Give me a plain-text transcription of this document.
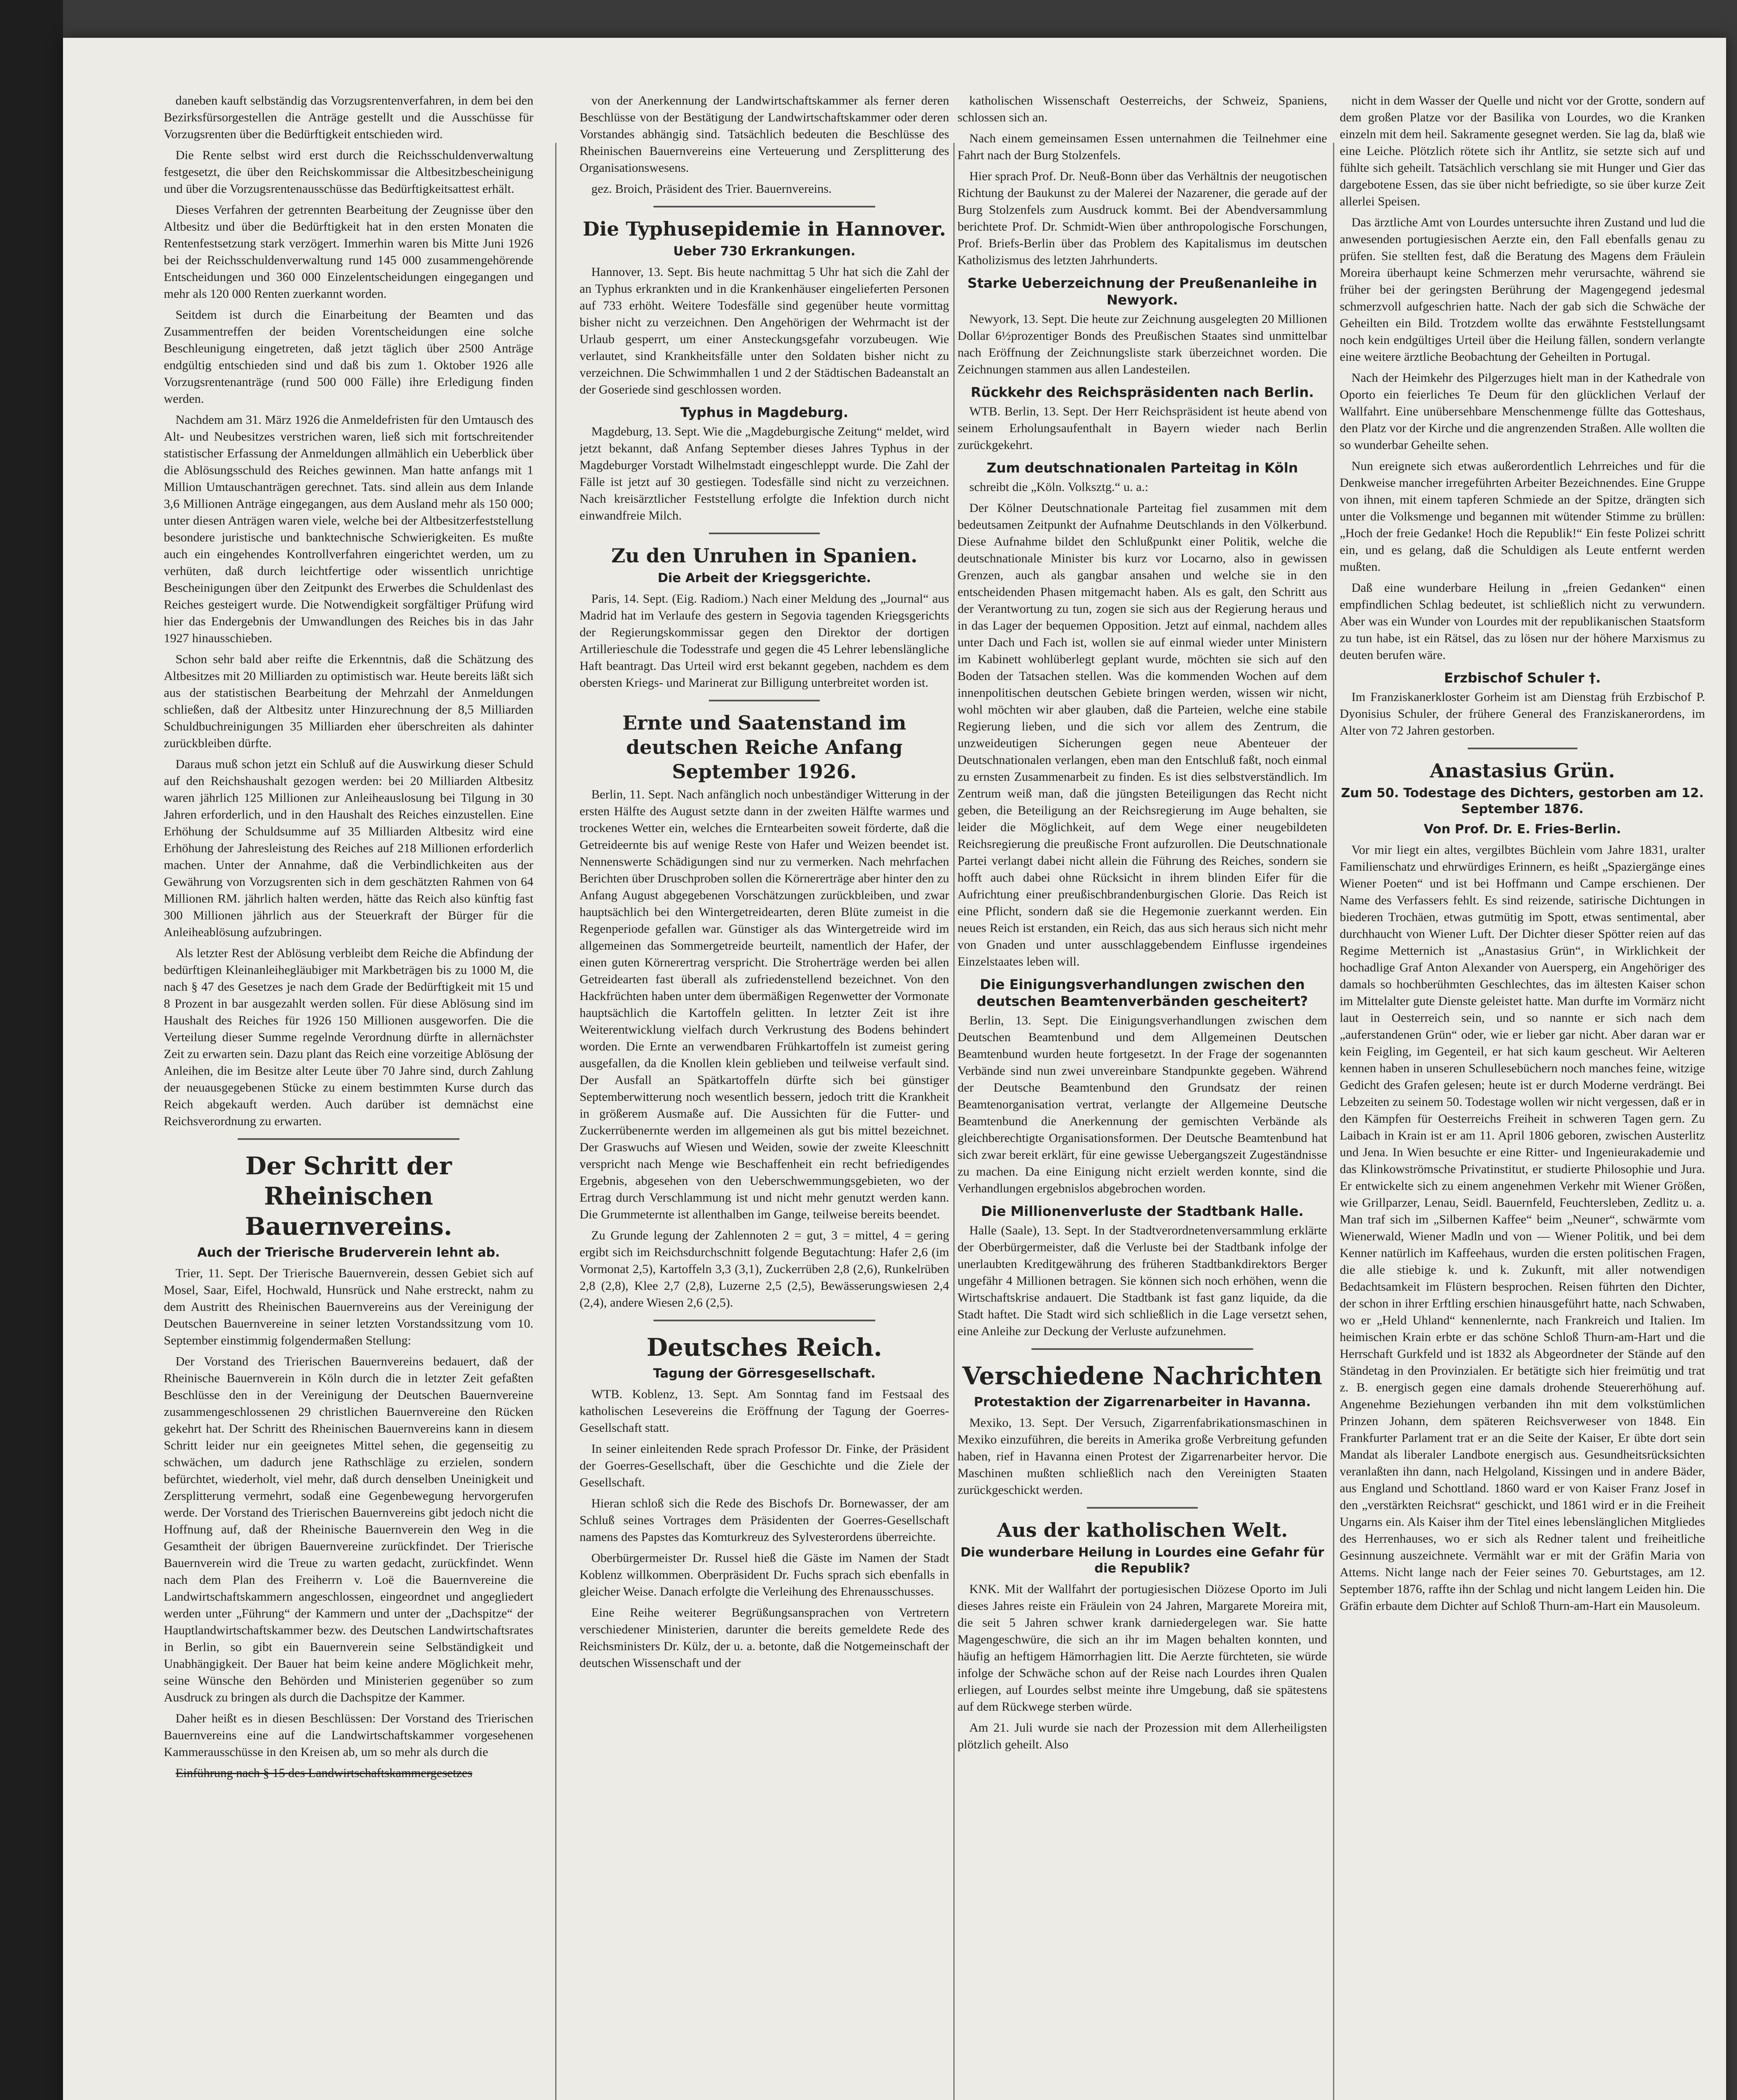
daneben kauft selbständig das Vorzugsrentenverfahren, in dem bei den Bezirksfürsorgestellen die Anträge gestellt und die Ausschüsse für Vorzugsrenten über die Bedürftigkeit entschieden wird.

Die Rente selbst wird erst durch die Reichsschuldenverwaltung festgesetzt, die über den Reichskommissar die Altbesitzbescheinigung und über die Vorzugsrentenausschüsse das Bedürftigkeitsattest erhält.

Dieses Verfahren der getrennten Bearbeitung der Zeugnisse über den Altbesitz und über die Bedürftigkeit hat in den ersten Monaten die Rentenfestsetzung stark verzögert. Immerhin waren bis Mitte Juni 1926 bei der Reichsschuldenverwaltung rund 145 000 zusammengehörende Entscheidungen und 360 000 Einzelentscheidungen eingegangen und mehr als 120 000 Renten zuerkannt worden.

Seitdem ist durch die Einarbeitung der Beamten und das Zusammentreffen der beiden Vorentscheidungen eine solche Beschleunigung eingetreten, daß jetzt täglich über 2500 Anträge endgültig entschieden sind und daß bis zum 1. Oktober 1926 alle Vorzugsrentenanträge (rund 500 000 Fälle) ihre Erledigung finden werden.

Nachdem am 31. März 1926 die Anmeldefristen für den Umtausch des Alt- und Neubesitzes verstrichen waren, ließ sich mit fortschreitender statistischer Erfassung der Anmeldungen allmählich ein Ueberblick über die Ablösungsschuld des Reiches gewinnen. Man hatte anfangs mit 1 Million Umtauschanträgen gerechnet. Tats. sind allein aus dem Inlande 3,6 Millionen Anträge eingegangen, aus dem Ausland mehr als 150 000; unter diesen Anträgen waren viele, welche bei der Altbesitzerfeststellung besondere juristische und banktechnische Schwierigkeiten. Es mußte auch ein eingehendes Kontrollverfahren eingerichtet werden, um zu verhüten, daß durch leichtfertige oder wissentlich unrichtige Bescheinigungen über den Zeitpunkt des Erwerbes die Schuldenlast des Reiches gesteigert wurde. Die Notwendigkeit sorgfältiger Prüfung wird hier das Endergebnis der Umwandlungen des Reiches bis in das Jahr 1927 hinausschieben.

Schon sehr bald aber reifte die Erkenntnis, daß die Schätzung des Altbesitzes mit 20 Milliarden zu optimistisch war. Heute bereits läßt sich aus der statistischen Bearbeitung der Mehrzahl der Anmeldungen schließen, daß der Altbesitz unter Hinzurechnung der 8,5 Milliarden Schuldbuchreinigungen 35 Milliarden eher überschreiten als dahinter zurückbleiben dürfte.

Daraus muß schon jetzt ein Schluß auf die Auswirkung dieser Schuld auf den Reichshaushalt gezogen werden: bei 20 Milliarden Altbesitz waren jährlich 125 Millionen zur Anleiheauslosung bei Tilgung in 30 Jahren erforderlich, und in den Haushalt des Reiches einzustellen. Eine Erhöhung der Schuldsumme auf 35 Milliarden Altbesitz wird eine Erhöhung der Jahresleistung des Reiches auf 218 Millionen erforderlich machen. Unter der Annahme, daß die Verbindlichkeiten aus der Gewährung von Vorzugsrenten sich in dem geschätzten Rahmen von 64 Millionen RM. jährlich halten werden, hätte das Reich also künftig fast 300 Millionen jährlich aus der Steuerkraft der Bürger für die Anleiheablösung aufzubringen.

Als letzter Rest der Ablösung verbleibt dem Reiche die Abfindung der bedürftigen Kleinanleihegläubiger mit Markbeträgen bis zu 1000 M, die nach § 47 des Gesetzes je nach dem Grade der Bedürftigkeit mit 15 und 8 Prozent in bar ausgezahlt werden sollen. Für diese Ablösung sind im Haushalt des Reiches für 1926 150 Millionen ausgeworfen. Die die Verteilung dieser Summe regelnde Verordnung dürfte in allernächster Zeit zu erwarten sein. Dazu plant das Reich eine vorzeitige Ablösung der Anleihen, die im Besitze alter Leute über 70 Jahre sind, durch Zahlung der neuausgegebenen Stücke zu einem bestimmten Kurse durch das Reich abgekauft werden. Auch darüber ist demnächst eine Reichsverordnung zu erwarten.

Der Schritt der Rheinischen Bauernvereins.
Auch der Trierische Bruderverein lehnt ab.

Trier, 11. Sept. Der Trierische Bauernverein, dessen Gebiet sich auf Mosel, Saar, Eifel, Hochwald, Hunsrück und Nahe erstreckt, nahm zu dem Austritt des Rheinischen Bauernvereins aus der Vereinigung der Deutschen Bauernvereine in seiner letzten Vorstandssitzung vom 10. September einstimmig folgendermaßen Stellung:

Der Vorstand des Trierischen Bauernvereins bedauert, daß der Rheinische Bauernverein in Köln durch die in letzter Zeit gefaßten Beschlüsse den in der Vereinigung der Deutschen Bauernvereine zusammengeschlossenen 29 christlichen Bauernvereine den Rücken gekehrt hat. Der Schritt des Rheinischen Bauernvereins kann in diesem Schritt leider nur ein geeignetes Mittel sehen, die gegenseitig zu schwächen, um dadurch jene Rathschläge zu erzielen, sondern befürchtet, wiederholt, viel mehr, daß durch denselben Uneinigkeit und Zersplitterung vermehrt, sodaß eine Gegenbewegung hervorgerufen werde. Der Vorstand des Trierischen Bauernvereins gibt jedoch nicht die Hoffnung auf, daß der Rheinische Bauernverein den Weg in die Gesamtheit der übrigen Bauernvereine zurückfindet. Der Trierische Bauernverein wird die Treue zu warten gedacht, zurückfindet. Wenn nach dem Plan des Freiherrn v. Loë die Bauernvereine die Landwirtschaftskammern angeschlossen, eingeordnet und angegliedert werden unter „Führung“ der Kammern und unter der „Dachspitze“ der Hauptlandwirtschaftskammer bezw. des Deutschen Landwirtschaftsrates in Berlin, so gibt ein Bauernverein seine Selbständigkeit und Unabhängigkeit. Der Bauer hat beim keine andere Möglichkeit mehr, seine Wünsche den Behörden und Ministerien gegenüber so zum Ausdruck zu bringen als durch die Dachspitze der Kammer.

Daher heißt es in diesen Beschlüssen: Der Vorstand des Trierischen Bauernvereins eine auf die Landwirtschaftskammer vorgesehenen Kammerausschüsse in den Kreisen ab, um so mehr als durch die

Einführung nach § 15 des Landwirtschaftskammergesetzes

von der Anerkennung der Landwirtschaftskammer als ferner deren Beschlüsse von der Bestätigung der Landwirtschaftskammer oder deren Vorstandes abhängig sind. Tatsächlich bedeuten die Beschlüsse des Rheinischen Bauernvereins eine Verteuerung und Zersplitterung des Organisationswesens.

gez. Broich, Präsident des Trier. Bauernvereins.

Die Typhusepidemie in Hannover.
Ueber 730 Erkrankungen.

Hannover, 13. Sept. Bis heute nachmittag 5 Uhr hat sich die Zahl der an Typhus erkrankten und in die Krankenhäuser eingelieferten Personen auf 733 erhöht. Weitere Todesfälle sind gegenüber heute vormittag bisher nicht zu verzeichnen. Den Angehörigen der Wehrmacht ist der Urlaub gesperrt, um einer Ansteckungsgefahr vorzubeugen. Wie verlautet, sind Krankheitsfälle unter den Soldaten bisher nicht zu verzeichnen. Die Schwimmhallen 1 und 2 der Städtischen Badeanstalt an der Goseriede sind geschlossen worden.

Typhus in Magdeburg.

Magdeburg, 13. Sept. Wie die „Magdeburgische Zeitung“ meldet, wird jetzt bekannt, daß Anfang September dieses Jahres Typhus in der Magdeburger Vorstadt Wilhelmstadt eingeschleppt wurde. Die Zahl der Fälle ist jetzt auf 30 gestiegen. Todesfälle sind nicht zu verzeichnen. Nach kreisärztlicher Feststellung erfolgte die Infektion durch nicht einwandfreie Milch.

Zu den Unruhen in Spanien.
Die Arbeit der Kriegsgerichte.

Paris, 14. Sept. (Eig. Radiom.) Nach einer Meldung des „Journal“ aus Madrid hat im Verlaufe des gestern in Segovia tagenden Kriegsgerichts der Regierungskommissar gegen den Direktor der dortigen Artillerieschule die Todesstrafe und gegen die 45 Lehrer lebenslängliche Haft beantragt. Das Urteil wird erst bekannt gegeben, nachdem es dem obersten Kriegs- und Marinerat zur Billigung unterbreitet worden ist.

Ernte und Saatenstand im deutschen Reiche Anfang September 1926.

Berlin, 11. Sept. Nach anfänglich noch unbeständiger Witterung in der ersten Hälfte des August setzte dann in der zweiten Hälfte warmes und trockenes Wetter ein, welches die Erntearbeiten soweit förderte, daß die Getreideernte bis auf wenige Reste von Hafer und Weizen beendet ist. Nennenswerte Schädigungen sind nur zu vermerken. Nach mehrfachen Berichten über Druschproben sollen die Körnererträge aber hinter den zu Anfang August abgegebenen Vorschätzungen zurückbleiben, und zwar hauptsächlich bei den Wintergetreidearten, deren Blüte zumeist in die Regenperiode gefallen war. Günstiger als das Wintergetreide wird im allgemeinen das Sommergetreide beurteilt, namentlich der Hafer, der einen guten Körnerertrag verspricht. Die Stroherträge werden bei allen Getreidearten fast überall als zufriedenstellend bezeichnet. Von den Hackfrüchten haben unter dem übermäßigen Regenwetter der Vormonate hauptsächlich die Kartoffeln gelitten. In letzter Zeit ist ihre Weiterentwicklung vielfach durch Verkrustung des Bodens behindert worden. Die Ernte an verwendbaren Frühkartoffeln ist zumeist gering ausgefallen, da die Knollen klein geblieben und teilweise verfault sind. Der Ausfall an Spätkartoffeln dürfte sich bei günstiger Septemberwitterung noch wesentlich bessern, jedoch tritt die Krankheit in größerem Ausmaße auf. Die Aussichten für die Futter- und Zuckerrübenernte werden im allgemeinen als gut bis mittel bezeichnet. Der Graswuchs auf Wiesen und Weiden, sowie der zweite Kleeschnitt verspricht nach Menge wie Beschaffenheit ein recht befriedigendes Ergebnis, abgesehen von den Ueberschwemmungsgebieten, wo der Ertrag durch Verschlammung ist und nicht mehr genutzt werden kann. Die Grummeternte ist allenthalben im Gange, teilweise bereits beendet.

Zu Grunde legung der Zahlennoten 2 = gut, 3 = mittel, 4 = gering ergibt sich im Reichsdurchschnitt folgende Begutachtung: Hafer 2,6 (im Vormonat 2,5), Kartoffeln 3,3 (3,1), Zuckerrüben 2,8 (2,6), Runkelrüben 2,8 (2,8), Klee 2,7 (2,8), Luzerne 2,5 (2,5), Bewässerungswiesen 2,4 (2,4), andere Wiesen 2,6 (2,5).

Deutsches Reich.
Tagung der Görresgesellschaft.

WTB. Koblenz, 13. Sept. Am Sonntag fand im Festsaal des katholischen Lesevereins die Eröffnung der Tagung der Goerres-Gesellschaft statt.

In seiner einleitenden Rede sprach Professor Dr. Finke, der Präsident der Goerres-Gesellschaft, über die Geschichte und die Ziele der Gesellschaft.

Hieran schloß sich die Rede des Bischofs Dr. Bornewasser, der am Schluß seines Vortrages dem Präsidenten der Goerres-Gesellschaft namens des Papstes das Komturkreuz des Sylvesterordens überreichte.

Oberbürgermeister Dr. Russel hieß die Gäste im Namen der Stadt Koblenz willkommen. Oberpräsident Dr. Fuchs sprach sich ebenfalls in gleicher Weise. Danach erfolgte die Verleihung des Ehrenausschusses.

Eine Reihe weiterer Begrüßungsansprachen von Vertretern verschiedener Ministerien, darunter die bereits gemeldete Rede des Reichsministers Dr. Külz, der u. a. betonte, daß die Notgemeinschaft der deutschen Wissenschaft und der

katholischen Wissenschaft Oesterreichs, der Schweiz, Spaniens, schlossen sich an.

Nach einem gemeinsamen Essen unternahmen die Teilnehmer eine Fahrt nach der Burg Stolzenfels.

Hier sprach Prof. Dr. Neuß-Bonn über das Verhältnis der neugotischen Richtung der Baukunst zu der Malerei der Nazarener, die gerade auf der Burg Stolzenfels zum Ausdruck kommt. Bei der Abendversammlung berichtete Prof. Dr. Schmidt-Wien über anthropologische Forschungen, Prof. Briefs-Berlin über das Problem des Kapitalismus im deutschen Katholizismus des letzten Jahrhunderts.

Starke Ueberzeichnung der Preußenanleihe in Newyork.

Newyork, 13. Sept. Die heute zur Zeichnung ausgelegten 20 Millionen Dollar 6½prozentiger Bonds des Preußischen Staates sind unmittelbar nach Eröffnung der Zeichnungsliste stark überzeichnet worden. Die Zeichnungen stammen aus allen Landesteilen.

Rückkehr des Reichspräsidenten nach Berlin.

WTB. Berlin, 13. Sept. Der Herr Reichspräsident ist heute abend von seinem Erholungsaufenthalt in Bayern wieder nach Berlin zurückgekehrt.

Zum deutschnationalen Parteitag in Köln

schreibt die „Köln. Volksztg.“ u. a.:

Der Kölner Deutschnationale Parteitag fiel zusammen mit dem bedeutsamen Zeitpunkt der Aufnahme Deutschlands in den Völkerbund. Diese Aufnahme bildet den Schlußpunkt einer Politik, welche die deutschnationale Minister bis kurz vor Locarno, also in gewissen Grenzen, auch als gangbar ansahen und welche sie in den entscheidenden Phasen mitgemacht haben. Als es galt, den Schritt aus der Verantwortung zu tun, zogen sie sich aus der Regierung heraus und in das Lager der bequemen Opposition. Jetzt auf einmal, nachdem alles unter Dach und Fach ist, wollen sie auf einmal wieder unter Ministern im Kabinett wohlüberlegt geplant wurde, möchten sie sich auf den Boden der Tatsachen stellen. Was die kommenden Wochen auf dem innenpolitischen deutschen Gebiete bringen werden, wissen wir nicht, wohl möchten wir aber glauben, daß die Parteien, welche eine stabile Regierung lieben, und die sich vor allem des Zentrum, die unzweideutigen Sicherungen gegen neue Abenteuer der Deutschnationalen verlangen, eben man den Entschluß faßt, noch einmal zu ernsten Zusammenarbeit zu finden. Es ist dies selbstverständlich. Im Zentrum weiß man, daß die jüngsten Beteiligungen das Recht nicht geben, die Beteiligung an der Reichsregierung im Auge behalten, sie leider die Möglichkeit, auf dem Wege einer neugebildeten Reichsregierung die preußische Front aufzurollen. Die Deutschnationale Partei verlangt dabei nicht allein die Führung des Reiches, sondern sie hofft auch dabei ohne Rücksicht in ihrem blinden Eifer für die Aufrichtung einer preußischbrandenburgischen Glorie. Das Reich ist eine Pflicht, sondern daß sie die Hegemonie zuerkannt werden. Ein neues Reich ist erstanden, ein Reich, das aus sich heraus sich nicht mehr von Gnaden und unter ausschlaggebendem Einflusse irgendeines Einzelstaates leben will.

Die Einigungsverhandlungen zwischen den deutschen Beamtenverbänden gescheitert?

Berlin, 13. Sept. Die Einigungsverhandlungen zwischen dem Deutschen Beamtenbund und dem Allgemeinen Deutschen Beamtenbund wurden heute fortgesetzt. In der Frage der sogenannten Verbände sind nun zwei unvereinbare Standpunkte gegeben. Während der Deutsche Beamtenbund den Grundsatz der reinen Beamtenorganisation vertrat, verlangte der Allgemeine Deutsche Beamtenbund die Anerkennung der gemischten Verbände als gleichberechtigte Organisationsformen. Der Deutsche Beamtenbund hat sich zwar bereit erklärt, für eine gewisse Uebergangszeit Zugeständnisse zu machen. Da eine Einigung nicht erzielt werden konnte, sind die Verhandlungen ergebnislos abgebrochen worden.

Die Millionenverluste der Stadtbank Halle.

Halle (Saale), 13. Sept. In der Stadtverordnetenversammlung erklärte der Oberbürgermeister, daß die Verluste bei der Stadtbank infolge der unerlaubten Kreditgewährung des früheren Stadtbankdirektors Berger ungefähr 4 Millionen betragen. Sie können sich noch erhöhen, wenn die Wirtschaftskrise andauert. Die Stadtbank ist fast ganz liquide, da die Stadt haftet. Die Stadt wird sich schließlich in die Lage versetzt sehen, eine Anleihe zur Deckung der Verluste aufzunehmen.

Verschiedene Nachrichten
Protestaktion der Zigarrenarbeiter in Havanna.

Mexiko, 13. Sept. Der Versuch, Zigarrenfabrikationsmaschinen in Mexiko einzuführen, die bereits in Amerika große Verbreitung gefunden haben, rief in Havanna einen Protest der Zigarrenarbeiter hervor. Die Maschinen mußten schließlich nach den Vereinigten Staaten zurückgeschickt werden.

Aus der katholischen Welt.
Die wunderbare Heilung in Lourdes eine Gefahr für die Republik?

KNK. Mit der Wallfahrt der portugiesischen Diözese Oporto im Juli dieses Jahres reiste ein Fräulein von 24 Jahren, Margarete Moreira mit, die seit 5 Jahren schwer krank darniedergelegen war. Sie hatte Magengeschwüre, die sich an ihr im Magen behalten konnten, und häufig an heftigem Hämorrhagien litt. Die Aerzte fürchteten, sie würde infolge der Schwäche schon auf der Reise nach Lourdes ihren Qualen erliegen, auf Lourdes selbst meinte ihre Umgebung, daß sie spätestens auf dem Rückwege sterben würde.

Am 21. Juli wurde sie nach der Prozession mit dem Allerheiligsten plötzlich geheilt. Also

nicht in dem Wasser der Quelle und nicht vor der Grotte, sondern auf dem großen Platze vor der Basilika von Lourdes, wo die Kranken einzeln mit dem heil. Sakramente gesegnet werden. Sie lag da, blaß wie eine Leiche. Plötzlich rötete sich ihr Antlitz, sie setzte sich auf und fühlte sich geheilt. Tatsächlich verschlang sie mit Hunger und Gier das dargebotene Essen, das sie über nicht befriedigte, so sie über kurze Zeit allerlei Speisen.

Das ärztliche Amt von Lourdes untersuchte ihren Zustand und lud die anwesenden portugiesischen Aerzte ein, den Fall ebenfalls genau zu prüfen. Sie stellten fest, daß die Beratung des Magens dem Fräulein Moreira überhaupt keine Schmerzen mehr verursachte, während sie früher bei der geringsten Berührung der Magengegend jedesmal schmerzvoll aufgeschrien hatte. Nach der gab sich die Schwäche der Geheilten ein Bild. Trotzdem wollte das erwähnte Feststellungsamt noch kein endgültiges Urteil über die Heilung fällen, sondern verlangte eine weitere ärztliche Beobachtung der Geheilten in Portugal.

Nach der Heimkehr des Pilgerzuges hielt man in der Kathedrale von Oporto ein feierliches Te Deum für den glücklichen Verlauf der Wallfahrt. Eine unübersehbare Menschenmenge füllte das Gotteshaus, den Platz vor der Kirche und die angrenzenden Straßen. Alle wollten die so wunderbar Geheilte sehen.

Nun ereignete sich etwas außerordentlich Lehrreiches und für die Denkweise mancher irregeführten Arbeiter Bezeichnendes. Eine Gruppe von ihnen, mit einem tapferen Schmiede an der Spitze, drängten sich unter die Volksmenge und begannen mit wütender Stimme zu brüllen: „Hoch der freie Gedanke! Hoch die Republik!“ Ein feste Polizei schritt ein, und es gelang, daß die Schuldigen als Leute entfernt werden mußten.

Daß eine wunderbare Heilung in „freien Gedanken“ einen empfindlichen Schlag bedeutet, ist schließlich nicht zu verwundern. Aber was ein Wunder von Lourdes mit der republikanischen Staatsform zu tun habe, ist ein Rätsel, das zu lösen nur der höhere Marxismus zu deuten berufen wäre.

Erzbischof Schuler †.

Im Franziskanerkloster Gorheim ist am Dienstag früh Erzbischof P. Dyonisius Schuler, der frühere General des Franziskanerordens, im Alter von 72 Jahren gestorben.

Anastasius Grün.
Zum 50. Todestage des Dichters, gestorben am 12. September 1876.
Von Prof. Dr. E. Fries-Berlin.

Vor mir liegt ein altes, vergilbtes Büchlein vom Jahre 1831, uralter Familienschatz und ehrwürdiges Erinnern, es heißt „Spaziergänge eines Wiener Poeten“ und ist bei Hoffmann und Campe erschienen. Der Name des Verfassers fehlt. Es sind reizende, satirische Dichtungen in biederen Trochäen, etwas gutmütig im Spott, etwas sentimental, aber durchhaucht von Wiener Luft. Der Dichter dieser Spötter reien auf das Regime Metternich ist „Anastasius Grün“, in Wirklichkeit der hochadlige Graf Anton Alexander von Auersperg, ein Angehöriger des damals so hochberühmten Geschlechtes, das im ältesten Kaiser schon im Mittelalter gute Dienste geleistet hatte. Man durfte im Vormärz nicht laut in Oesterreich sein, und so nannte er sich nach dem „auferstandenen Grün“ oder, wie er lieber gar nicht. Aber daran war er kein Feigling, im Gegenteil, er hat sich kaum gescheut. Wir Aelteren kennen haben in unseren Schullesebüchern noch manches feine, witzige Gedicht des Grafen gelesen; heute ist er durch Moderne verdrängt. Bei Lebzeiten zu seinem 50. Todestage wollen wir nicht vergessen, daß er in den Kämpfen für Oesterreichs Freiheit in schweren Tagen gern. Zu Laibach in Krain ist er am 11. April 1806 geboren, zwischen Austerlitz und Jena. In Wien besuchte er eine Ritter- und Ingenieurakademie und das Klinkowströmsche Privatinstitut, er studierte Philosophie und Jura. Er entwickelte sich zu einem angenehmen Verkehr mit Wiener Größen, wie Grillparzer, Lenau, Seidl. Bauernfeld, Feuchtersleben, Zedlitz u. a. Man traf sich im „Silbernen Kaffee“ beim „Neuner“, schwärmte vom Wienerwald, Wiener Madln und von — Wiener Politik, und bei dem Kenner natürlich im Kaffeehaus, wurden die ersten politischen Fragen, die alle stiebige k. und k. Zukunft, mit aller notwendigen Bedachtsamkeit im Flüstern besprochen. Reisen führten den Dichter, der schon in ihrer Erftling erschien hinausgeführt hatte, nach Schwaben, wo er „Held Uhland“ kennenlernte, nach Frankreich und Italien. Im heimischen Krain erbte er das schöne Schloß Thurn-am-Hart und die Herrschaft Gurkfeld und ist 1832 als Abgeordneter der Stände auf den Ständetag in den Provinzialen. Er betätigte sich hier freimütig und trat z. B. energisch gegen eine damals drohende Steuererhöhung auf. Angenehme Beziehungen verbanden ihn mit dem volkstümlichen Prinzen Johann, dem späteren Reichsverweser von 1848. Ein Frankfurter Parlament trat er an die Seite der Kaiser, Er übte dort sein Mandat als liberaler Landbote energisch aus. Gesundheitsrücksichten veranlaßten ihn dann, nach Helgoland, Kissingen und in andere Bäder, aus England und Schottland. 1860 ward er von Kaiser Franz Josef in den „verstärkten Reichsrat“ geschickt, und 1861 wird er in die Freiheit Ungarns ein. Als Kaiser ihm der Titel eines lebenslänglichen Mitgliedes des Herrenhauses, wo er sich als Redner talent und freiheitliche Gesinnung auszeichnete. Vermählt war er mit der Gräfin Maria von Attems. Nicht lange nach der Feier seines 70. Geburtstages, am 12. September 1876, raffte ihn der Schlag und nicht langem Leiden hin. Die Gräfin erbaute dem Dichter auf Schloß Thurn-am-Hart ein Mausoleum.
